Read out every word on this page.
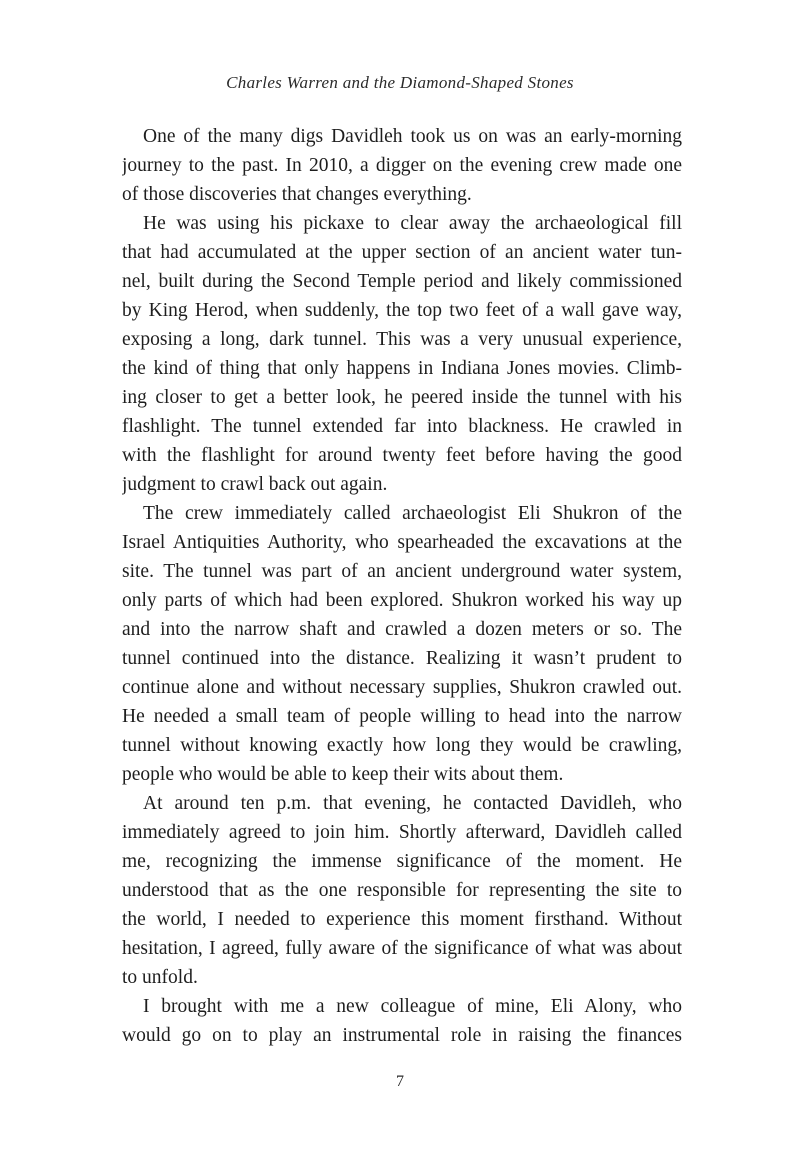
Charles Warren and the Diamond-Shaped Stones
One of the many digs Davidleh took us on was an early-morning
journey to the past. In 2010, a digger on the evening crew made one
of those discoveries that changes everything.
He was using his pickaxe to clear away the archaeological fill
that had accumulated at the upper section of an ancient water tun-
nel, built during the Second Temple period and likely commissioned
by King Herod, when suddenly, the top two feet of a wall gave way,
exposing a long, dark tunnel. This was a very unusual experience,
the kind of thing that only happens in Indiana Jones movies. Climb-
ing closer to get a better look, he peered inside the tunnel with his
flashlight. The tunnel extended far into blackness. He crawled in
with the flashlight for around twenty feet before having the good
judgment to crawl back out again.
The crew immediately called archaeologist Eli Shukron of the
Israel Antiquities Authority, who spearheaded the excavations at the
site. The tunnel was part of an ancient underground water system,
only parts of which had been explored. Shukron worked his way up
and into the narrow shaft and crawled a dozen meters or so. The
tunnel continued into the distance. Realizing it wasn’t prudent to
continue alone and without necessary supplies, Shukron crawled out.
He needed a small team of people willing to head into the narrow
tunnel without knowing exactly how long they would be crawling,
people who would be able to keep their wits about them.
At around ten p.m. that evening, he contacted Davidleh, who
immediately agreed to join him. Shortly afterward, Davidleh called
me, recognizing the immense significance of the moment. He
understood that as the one responsible for representing the site to
the world, I needed to experience this moment firsthand. Without
hesitation, I agreed, fully aware of the significance of what was about
to unfold.
I brought with me a new colleague of mine, Eli Alony, who
would go on to play an instrumental role in raising the finances
7
